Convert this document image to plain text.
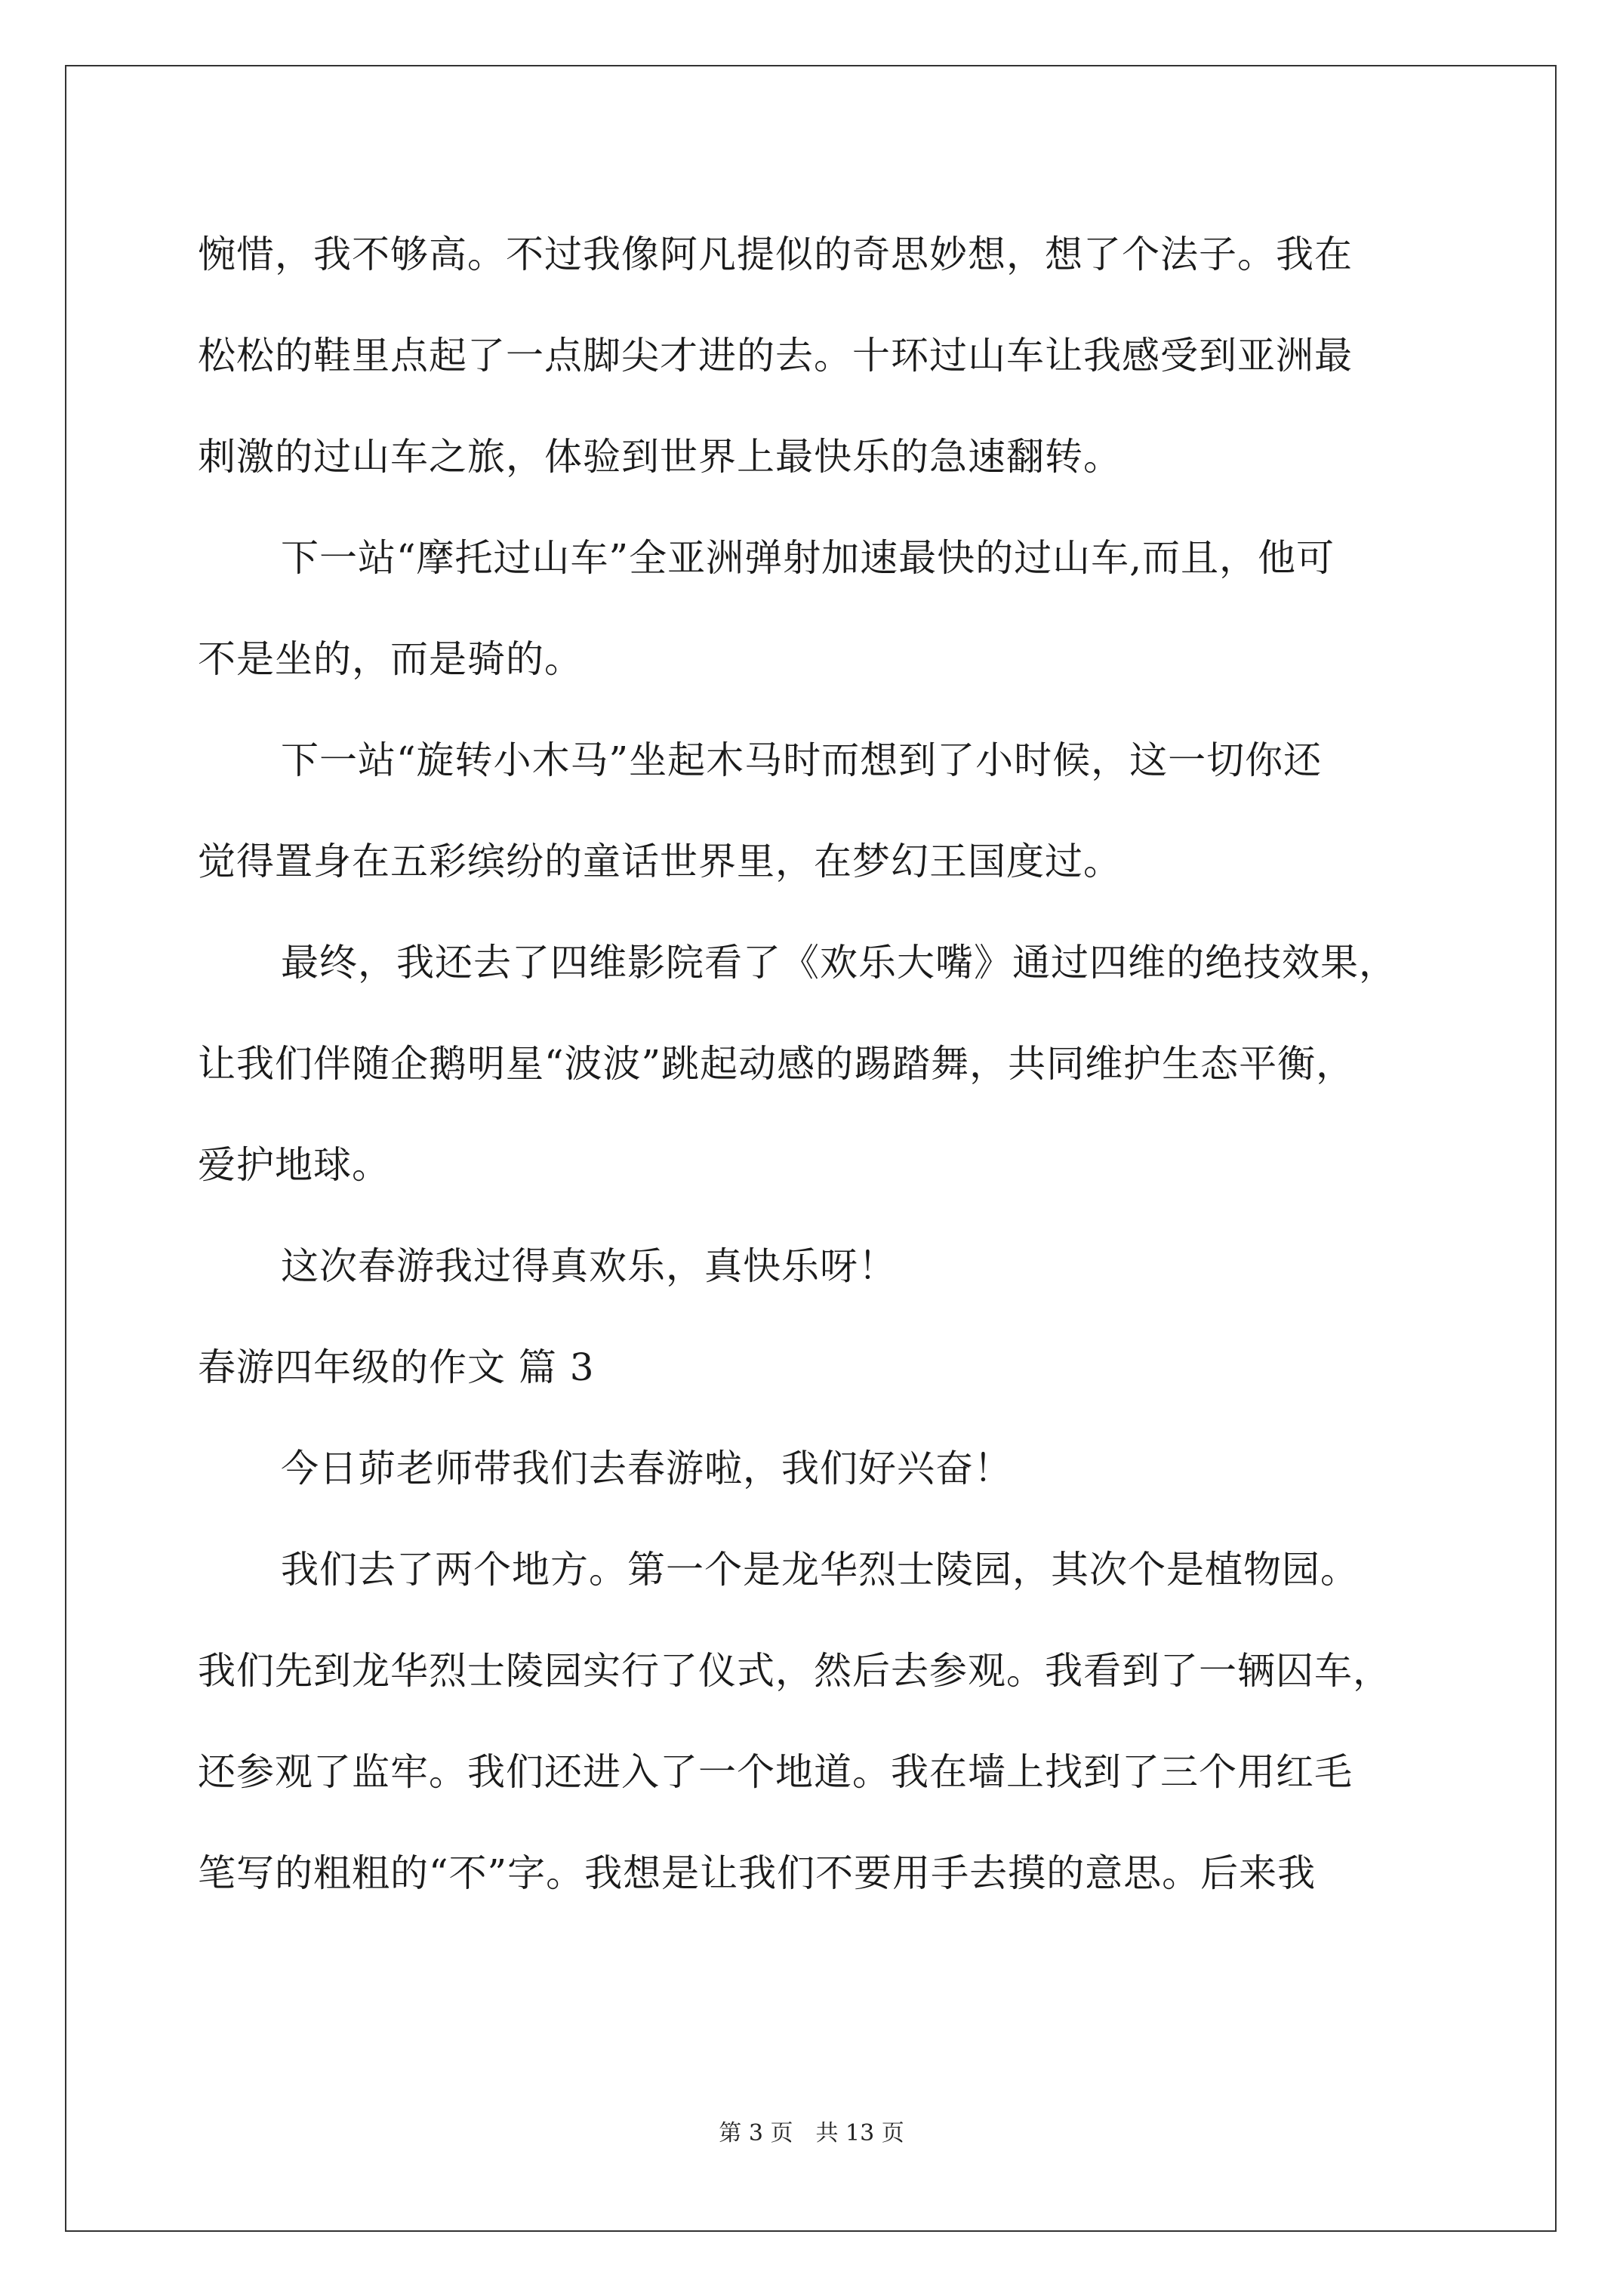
惋惜，我不够高。不过我像阿凡提似的奇思妙想，想了个法子。我在
松松的鞋里点起了一点脚尖才进的去。十环过山车让我感受到亚洲最
刺激的过山车之旅，体验到世界上最快乐的急速翻转。
下一站“摩托过山车”全亚洲弹射加速最快的过山车,而且，他可
不是坐的，而是骑的。
下一站“旋转小木马”坐起木马时而想到了小时候，这一切你还
觉得置身在五彩缤纷的童话世界里，在梦幻王国度过。
最终，我还去了四维影院看了《欢乐大嘴》通过四维的绝技效果，
让我们伴随企鹅明星“波波”跳起动感的踢踏舞，共同维护生态平衡，
爱护地球。
这次春游我过得真欢乐，真快乐呀！
春游四年级的作文 篇 3
今日茆老师带我们去春游啦，我们好兴奋！
我们去了两个地方。第一个是龙华烈士陵园，其次个是植物园。
我们先到龙华烈士陵园实行了仪式，然后去参观。我看到了一辆囚车，
还参观了监牢。我们还进入了一个地道。我在墙上找到了三个用红毛
笔写的粗粗的“不”字。我想是让我们不要用手去摸的意思。后来我
第 3 页　共 13 页
